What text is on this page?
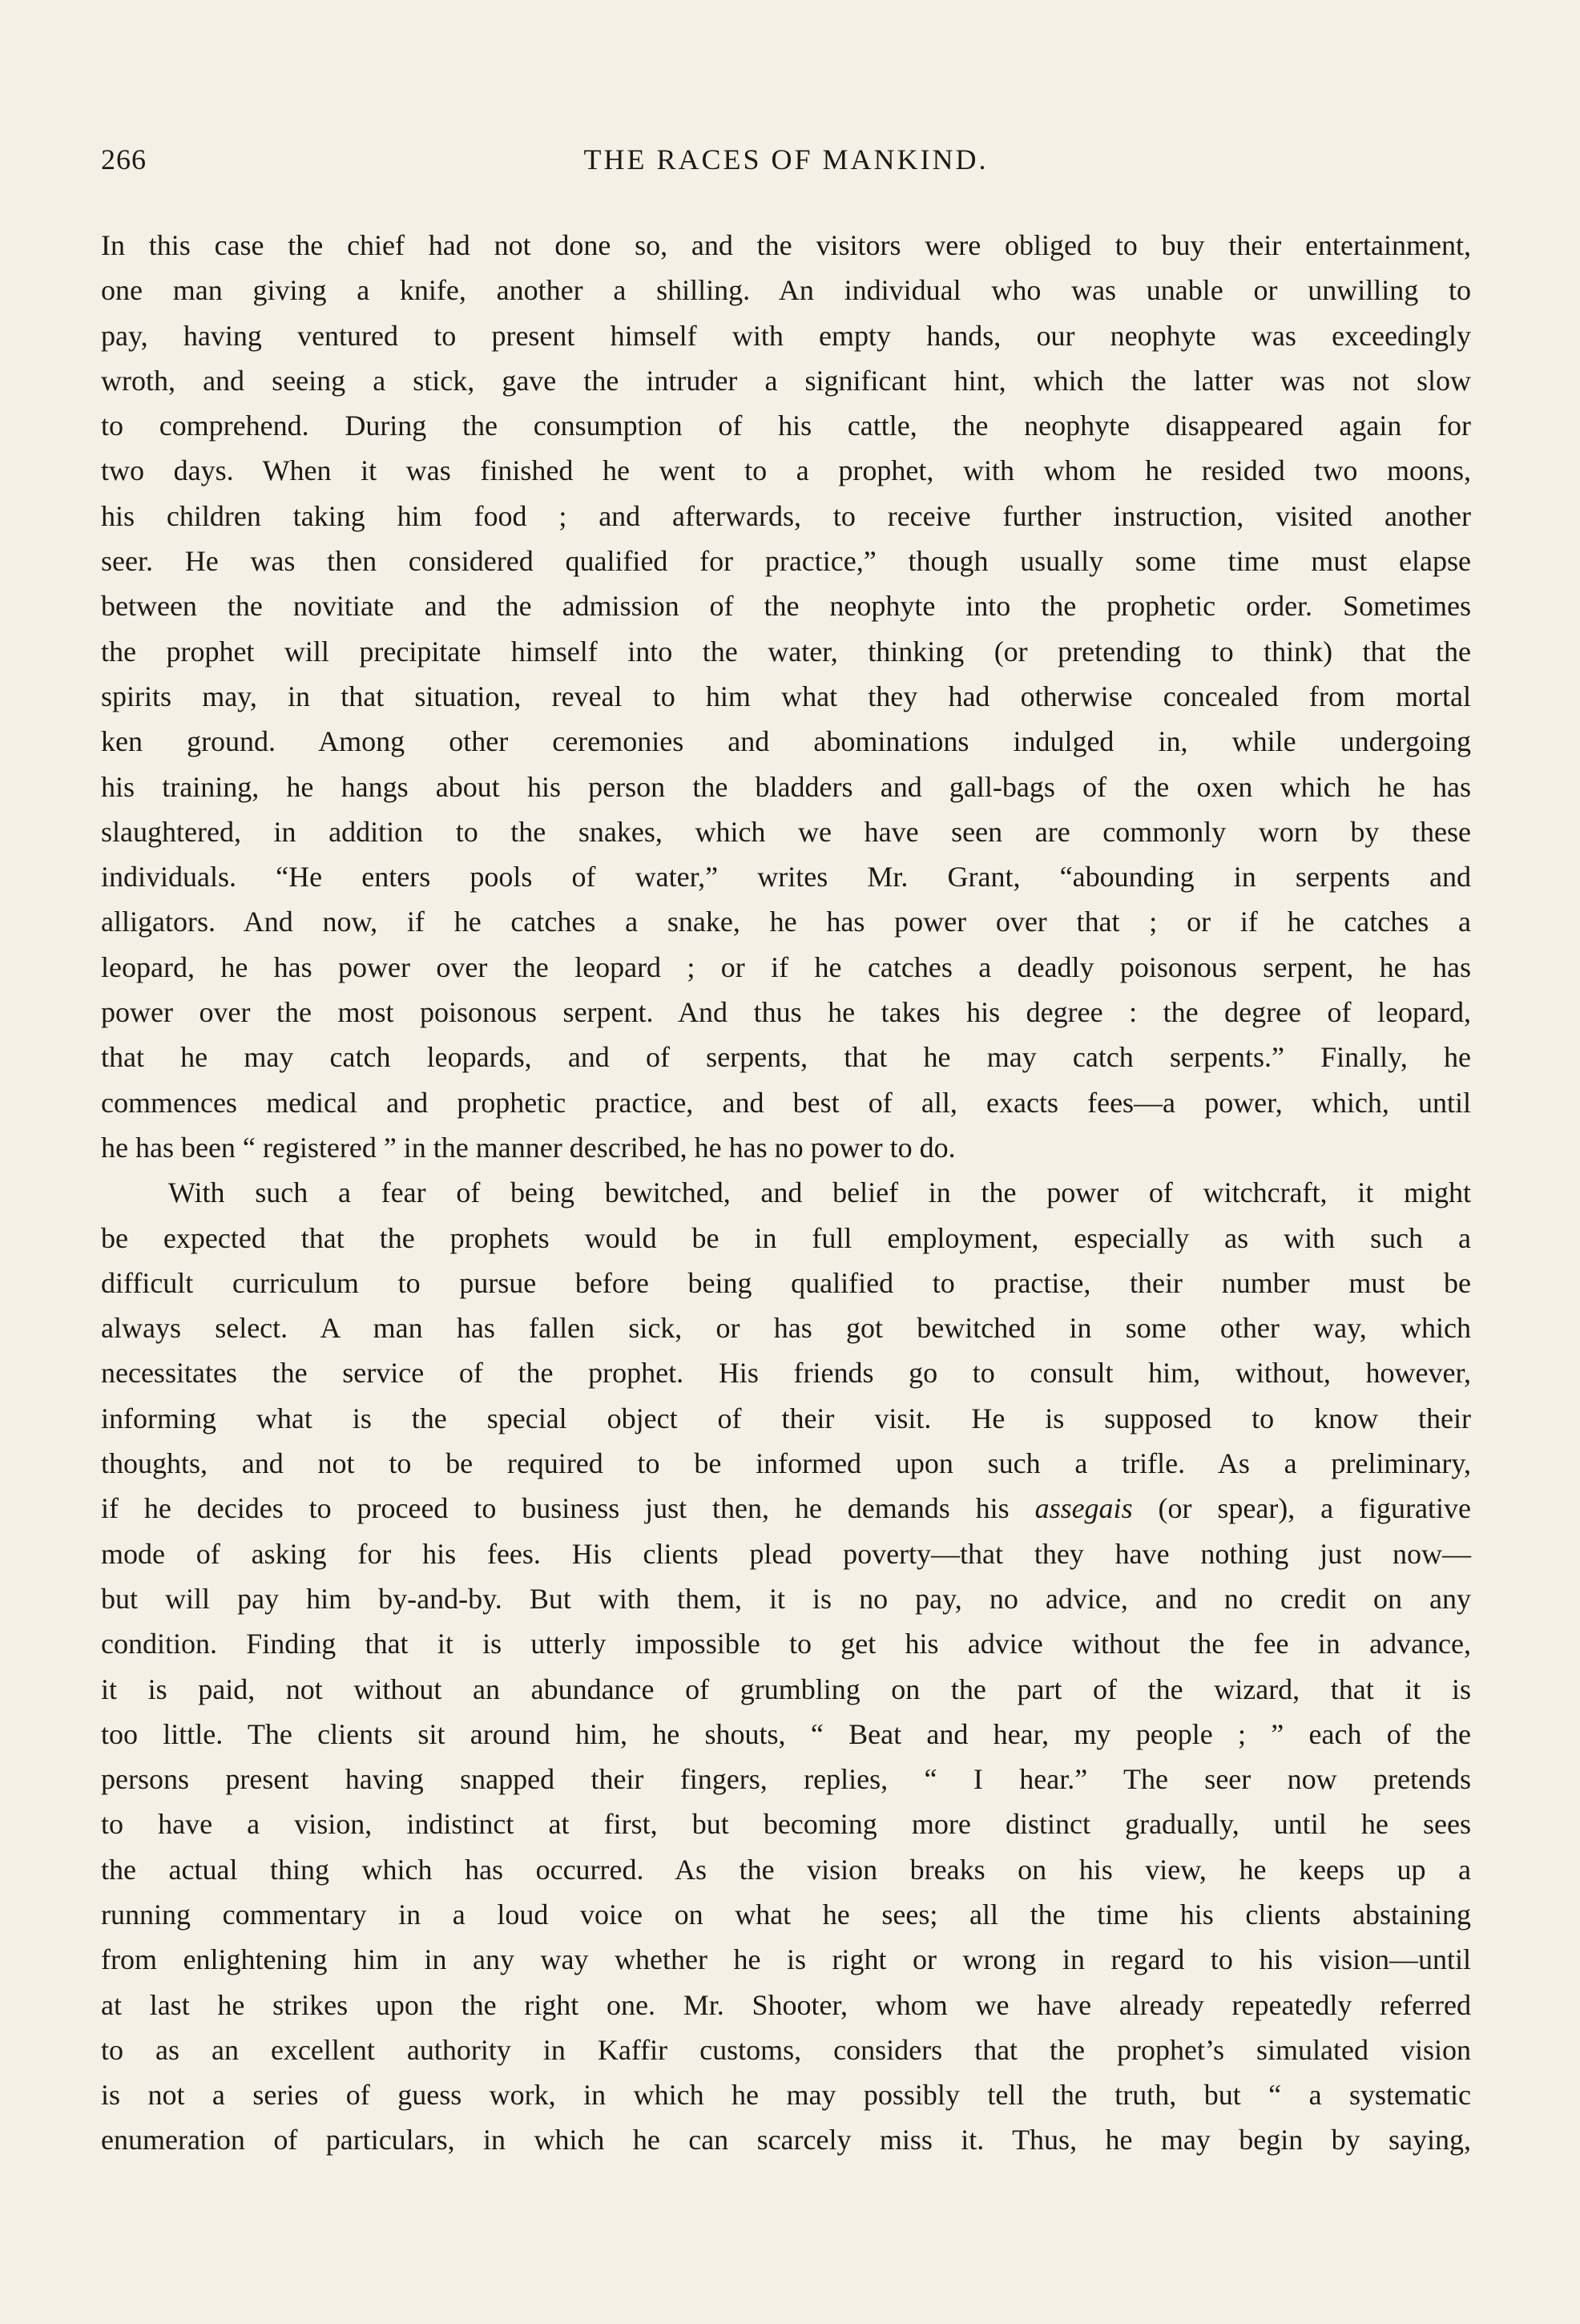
266	THE RACES OF MANKIND.
In this case the chief had not done so, and the visitors were obliged to buy their entertainment,
one man giving a knife, another a shilling. An individual who was unable or unwilling to
pay, having ventured to present himself with empty hands, our neophyte was exceedingly
wroth, and seeing a stick, gave the intruder a significant hint, which the latter was not slow
to comprehend. During the consumption of his cattle, the neophyte disappeared again for
two days. When it was finished he went to a prophet, with whom he resided two moons,
his children taking him food ; and afterwards, to receive further instruction, visited another
seer. He was then considered qualified for practice,” though usually some time must elapse
between the novitiate and the admission of the neophyte into the prophetic order. Sometimes
the prophet will precipitate himself into the water, thinking (or pretending to think) that the
spirits may, in that situation, reveal to him what they had otherwise concealed from mortal
ken ground. Among other ceremonies and abominations indulged in, while undergoing
his training, he hangs about his person the bladders and gall-bags of the oxen which he has
slaughtered, in addition to the snakes, which we have seen are commonly worn by these
individuals. “He enters pools of water,” writes Mr. Grant, “abounding in serpents and
alligators. And now, if he catches a snake, he has power over that ; or if he catches a
leopard, he has power over the leopard ; or if he catches a deadly poisonous serpent, he has
power over the most poisonous serpent. And thus he takes his degree : the degree of leopard,
that he may catch leopards, and of serpents, that he may catch serpents.” Finally, he
commences medical and prophetic practice, and best of all, exacts fees—a power, which, until
he has been “ registered ” in the manner described, he has no power to do.
With such a fear of being bewitched, and belief in the power of witchcraft, it might
be expected that the prophets would be in full employment, especially as with such a
difficult curriculum to pursue before being qualified to practise, their number must be
always select. A man has fallen sick, or has got bewitched in some other way, which
necessitates the service of the prophet. His friends go to consult him, without, however,
informing what is the special object of their visit. He is supposed to know their
thoughts, and not to be required to be informed upon such a trifle. As a preliminary,
if he decides to proceed to business just then, he demands his assegais (or spear), a figurative
mode of asking for his fees. His clients plead poverty—that they have nothing just now—
but will pay him by-and-by. But with them, it is no pay, no advice, and no credit on any
condition. Finding that it is utterly impossible to get his advice without the fee in advance,
it is paid, not without an abundance of grumbling on the part of the wizard, that it is
too little. The clients sit around him, he shouts, “ Beat and hear, my people ; ” each of the
persons present having snapped their fingers, replies, “ I hear.” The seer now pretends
to have a vision, indistinct at first, but becoming more distinct gradually, until he sees
the actual thing which has occurred. As the vision breaks on his view, he keeps up a
running commentary in a loud voice on what he sees; all the time his clients abstaining
from enlightening him in any way whether he is right or wrong in regard to his vision—until
at last he strikes upon the right one. Mr. Shooter, whom we have already repeatedly referred
to as an excellent authority in Kaffir customs, considers that the prophet’s simulated vision
is not a series of guess work, in which he may possibly tell the truth, but “ a systematic
enumeration of particulars, in which he can scarcely miss it. Thus, he may begin by saying,
